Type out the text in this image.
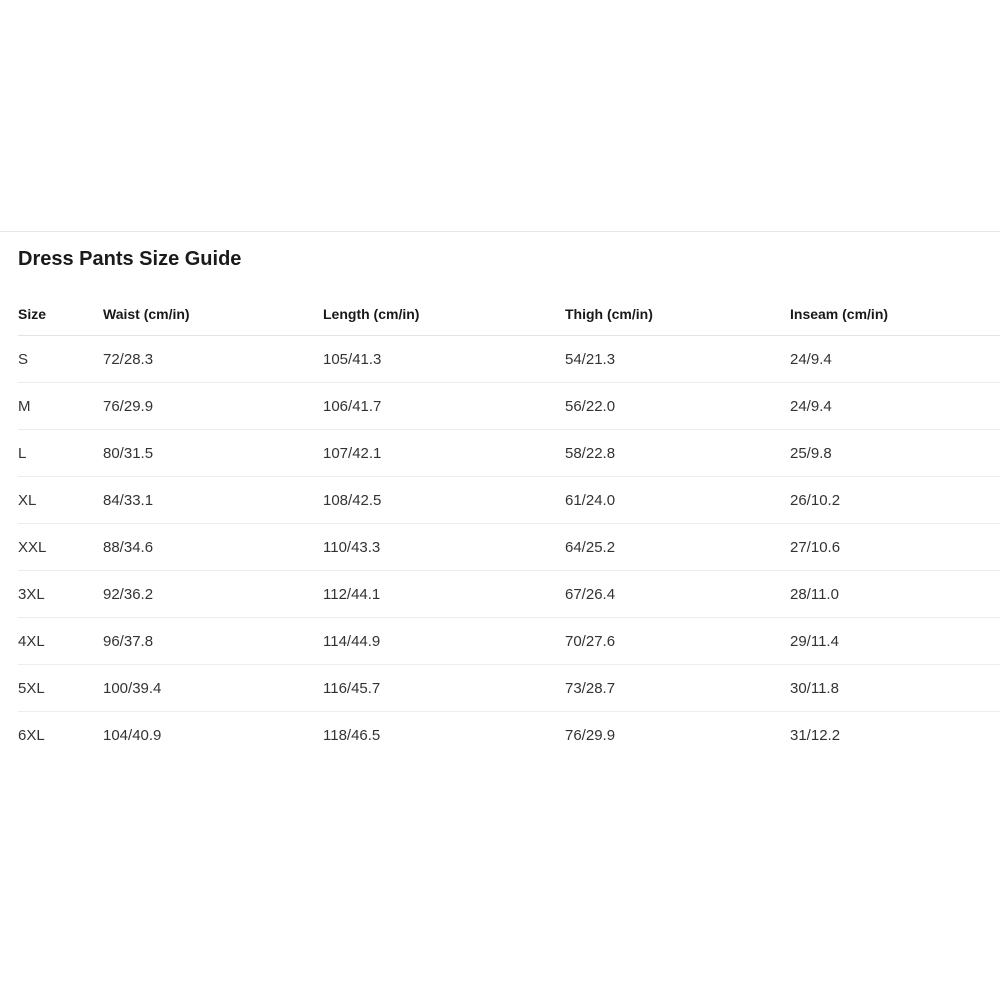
Dress Pants Size Guide
Size	Waist (cm/in)	Length (cm/in)	Thigh (cm/in)	Inseam (cm/in)
S	72/28.3	105/41.3	54/21.3	24/9.4
M	76/29.9	106/41.7	56/22.0	24/9.4
L	80/31.5	107/42.1	58/22.8	25/9.8
XL	84/33.1	108/42.5	61/24.0	26/10.2
XXL	88/34.6	110/43.3	64/25.2	27/10.6
3XL	92/36.2	112/44.1	67/26.4	28/11.0
4XL	96/37.8	114/44.9	70/27.6	29/11.4
5XL	100/39.4	116/45.7	73/28.7	30/11.8
6XL	104/40.9	118/46.5	76/29.9	31/12.2
